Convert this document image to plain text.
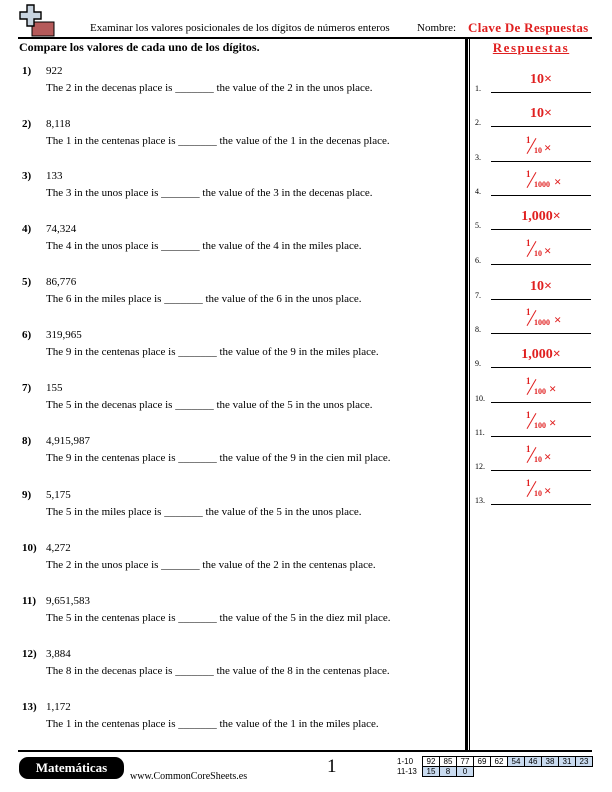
Examinar los valores posicionales de los dígitos de números enteros Nombre: Clave De Respuestas
Compare los valores de cada uno de los dígitos.
1) 922
The 2 in the decenas place is _______ the value of the 2 in the unos place.
2) 8,118
The 1 in the centenas place is _______ the value of the 1 in the decenas place.
3) 133
The 3 in the unos place is _______ the value of the 3 in the decenas place.
4) 74,324
The 4 in the unos place is _______ the value of the 4 in the miles place.
5) 86,776
The 6 in the miles place is _______ the value of the 6 in the unos place.
6) 319,965
The 9 in the centenas place is _______ the value of the 9 in the miles place.
7) 155
The 5 in the decenas place is _______ the value of the 5 in the unos place.
8) 4,915,987
The 9 in the centenas place is _______ the value of the 9 in the cien mil place.
9) 5,175
The 5 in the miles place is _______ the value of the 5 in the unos place.
10) 4,272
The 2 in the unos place is _______ the value of the 2 in the centenas place.
11) 9,651,583
The 5 in the centenas place is _______ the value of the 5 in the diez mil place.
12) 3,884
The 8 in the decenas place is _______ the value of the 8 in the centenas place.
13) 1,172
The 1 in the centenas place is _______ the value of the 1 in the miles place.
Respuestas
1.
10×
2.
10×
3.
1
10 ×
4.
1
1000 ×
5.
1,000×
6.
1
10 ×
7.
10×
8.
1
1000 ×
9.
1,000×
10.
1
100 ×
11.
1
100 ×
12.
1
10 ×
13.
1
10 ×
Matemáticas
www.CommonCoreSheets.es	1	1-10	92	85	77	69	62	54	46	38	31	23
11-13	15	8	0							
